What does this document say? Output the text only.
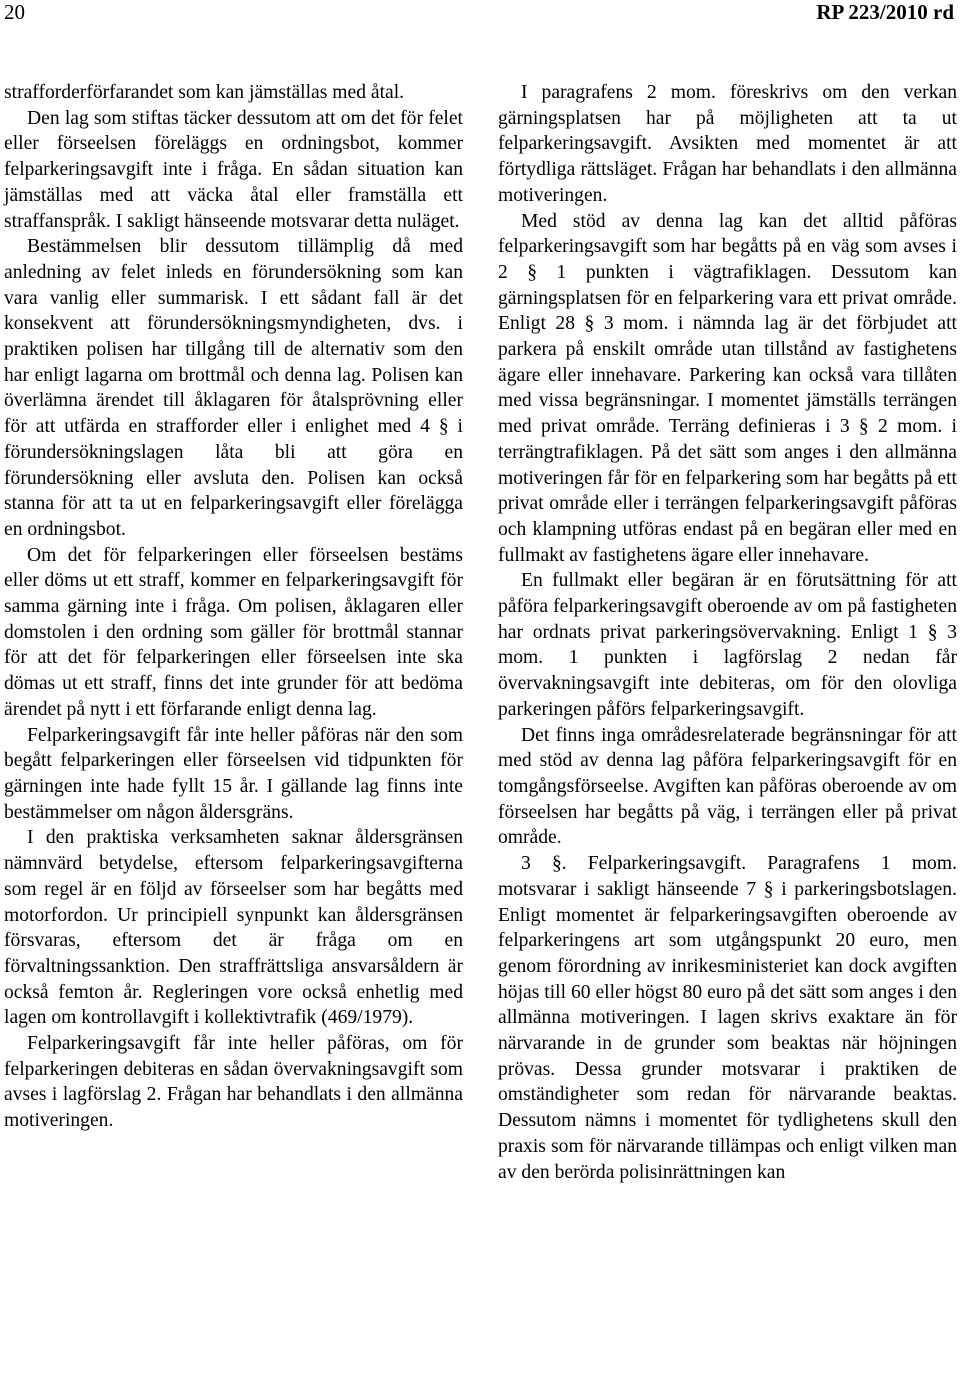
20	RP 223/2010 rd

strafforderförfarandet som kan jämställas med åtal.

Den lag som stiftas täcker dessutom att om det för felet eller förseelsen föreläggs en ordningsbot, kommer felparkeringsavgift inte i fråga. En sådan situation kan jämställas med att väcka åtal eller framställa ett straffanspråk. I sakligt hänseende motsvarar detta nuläget.

Bestämmelsen blir dessutom tillämplig då med anledning av felet inleds en förundersökning som kan vara vanlig eller summarisk. I ett sådant fall är det konsekvent att förundersökningsmyndigheten, dvs. i praktiken polisen har tillgång till de alternativ som den har enligt lagarna om brottmål och denna lag. Polisen kan överlämna ärendet till åklagaren för åtalsprövning eller för att utfärda en strafforder eller i enlighet med 4 § i förundersökningslagen låta bli att göra en förundersökning eller avsluta den. Polisen kan också stanna för att ta ut en felparkeringsavgift eller förelägga en ordningsbot.

Om det för felparkeringen eller förseelsen bestäms eller döms ut ett straff, kommer en felparkeringsavgift för samma gärning inte i fråga. Om polisen, åklagaren eller domstolen i den ordning som gäller för brottmål stannar för att det för felparkeringen eller förseelsen inte ska dömas ut ett straff, finns det inte grunder för att bedöma ärendet på nytt i ett förfarande enligt denna lag.

Felparkeringsavgift får inte heller påföras när den som begått felparkeringen eller förseelsen vid tidpunkten för gärningen inte hade fyllt 15 år. I gällande lag finns inte bestämmelser om någon åldersgräns.

I den praktiska verksamheten saknar åldersgränsen nämnvärd betydelse, eftersom felparkeringsavgifterna som regel är en följd av förseelser som har begåtts med motorfordon. Ur principiell synpunkt kan åldersgränsen försvaras, eftersom det är fråga om en förvaltningssanktion. Den straffrättsliga ansvarsåldern är också femton år. Regleringen vore också enhetlig med lagen om kontrollavgift i kollektivtrafik (469/1979).

Felparkeringsavgift får inte heller påföras, om för felparkeringen debiteras en sådan övervakningsavgift som avses i lagförslag 2. Frågan har behandlats i den allmänna motiveringen.

I paragrafens 2 mom. föreskrivs om den verkan gärningsplatsen har på möjligheten att ta ut felparkeringsavgift. Avsikten med momentet är att förtydliga rättsläget. Frågan har behandlats i den allmänna motiveringen.

Med stöd av denna lag kan det alltid påföras felparkeringsavgift som har begåtts på en väg som avses i 2 § 1 punkten i vägtrafiklagen. Dessutom kan gärningsplatsen för en felparkering vara ett privat område. Enligt 28 § 3 mom. i nämnda lag är det förbjudet att parkera på enskilt område utan tillstånd av fastighetens ägare eller innehavare. Parkering kan också vara tillåten med vissa begränsningar. I momentet jämställs terrängen med privat område. Terräng definieras i 3 § 2 mom. i terrängtrafiklagen. På det sätt som anges i den allmänna motiveringen får för en felparkering som har begåtts på ett privat område eller i terrängen felparkeringsavgift påföras och klampning utföras endast på en begäran eller med en fullmakt av fastighetens ägare eller innehavare.

En fullmakt eller begäran är en förutsättning för att påföra felparkeringsavgift oberoende av om på fastigheten har ordnats privat parkeringsövervakning. Enligt 1 § 3 mom. 1 punkten i lagförslag 2 nedan får övervakningsavgift inte debiteras, om för den olovliga parkeringen påförs felparkeringsavgift.

Det finns inga områdesrelaterade begränsningar för att med stöd av denna lag påföra felparkeringsavgift för en tomgångsförseelse. Avgiften kan påföras oberoende av om förseelsen har begåtts på väg, i terrängen eller på privat område.

3 §. Felparkeringsavgift. Paragrafens 1 mom. motsvarar i sakligt hänseende 7 § i parkeringsbotslagen. Enligt momentet är felparkeringsavgiften oberoende av felparkeringens art som utgångspunkt 20 euro, men genom förordning av inrikesministeriet kan dock avgiften höjas till 60 eller högst 80 euro på det sätt som anges i den allmänna motiveringen. I lagen skrivs exaktare än för närvarande in de grunder som beaktas när höjningen prövas. Dessa grunder motsvarar i praktiken de omständigheter som redan för närvarande beaktas. Dessutom nämns i momentet för tydlighetens skull den praxis som för närvarande tillämpas och enligt vilken man av den berörda polisinrättningen kan
